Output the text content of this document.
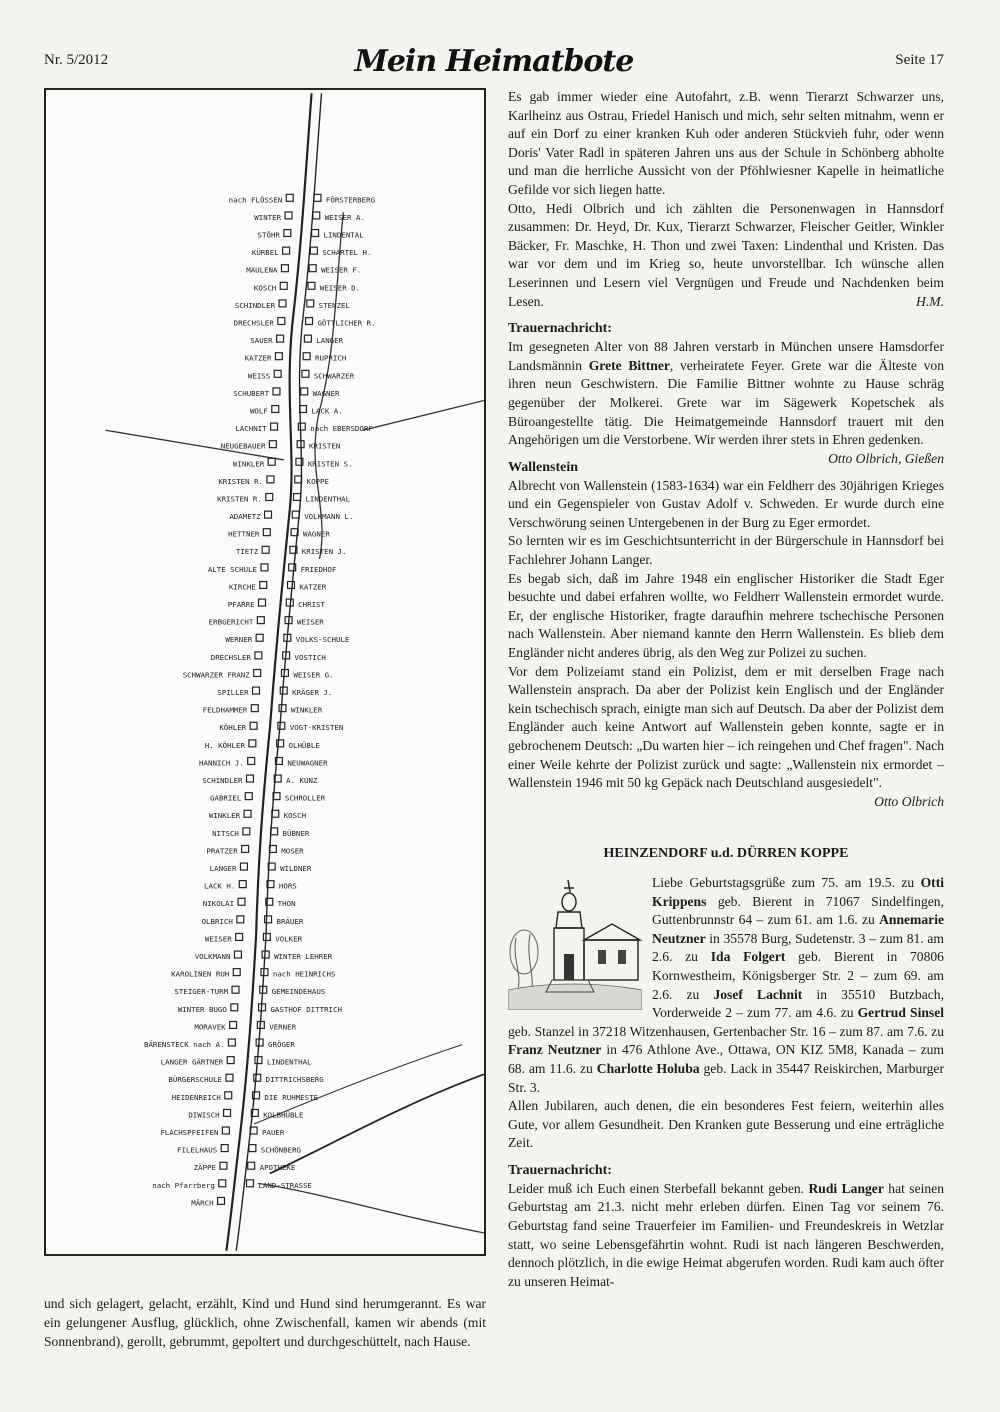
Nr. 5/2012	Mein Heimatbote	Seite 17
nach FLÖSSEN	FÖRSTERBERG
WINTER	WEISER A.
STÖHR	LINDENTAL
KÜRBEL	SCHARTEL H.
MAULENA	WEISER F.
KOSCH	WEISER D.
SCHINDLER	STENZEL
DRECHSLER	GÖTTLICHER R.
SAUER	LANGER
KATZER	RUPRICH
WEISS	SCHWARZER
SCHUBERT	WAGNER
WOLF	LACK A.
LACHNIT	nach EBERSDORF
NEUGEBAUER	KRISTEN
WINKLER	KRISTEN S.
KRISTEN R.	KOPPE
KRISTEN R.	LINDENTHAL
ADAMETZ	VOLKMANN L.
HETTNER	WAGNER
TIETZ	KRISTEN J.
ALTE SCHULE	FRIEDHOF
KIRCHE	KATZER
PFARRE	CHRIST
ERBGERICHT	WEISER
WERNER	VOLKS-SCHULE
DRECHSLER	VOSTICH
SCHWARZER FRANZ	WEISER G.
SPILLER	KRÄGER J.
FELDHAMMER	WINKLER
KÖHLER	VOGT-KRISTEN
H. KÖHLER	OLHÜBLE
HANNICH J.	NEUWAGNER
SCHINDLER	A. KUNZ
GABRIEL	SCHROLLER
WINKLER	KOSCH
NITSCH	BÜBNER
PRATZER	MOSER
LANGER	WILDNER
LACK H.	HORS
NIKOLAI	THON
OLBRICH	BRÄUER
WEISER	VOLKER
VOLKMANN	WINTER LEHRER
KAROLINEN RUH	nach HEINRICHS
STEIGER-TURM	GEMEINDEHAUS
WINTER BUGO	GASTHOF DITTRICH
MORAVEK	VERNER
BÄRENSTECK nach A.	GRÖGER
LANGER GÄRTNER	LINDENTHAL
BÜRGERSCHULE	DITTRICHSBERG
HEIDENREICH	DIE RUHMESTE
DIWISCH	KOLBHÜBLE
FLACHSPFEIFEN	PAUER
FILELHAUS	SCHÖNBERG
ZÄPPE	APOTHEKE
nach Pfarrberg	LAND-STRASSE
MÄRCH
und sich gelagert, gelacht, erzählt, Kind und Hund sind herumgerannt. Es war ein gelungener Ausflug, glücklich, ohne Zwischenfall, kamen wir abends (mit Sonnenbrand), gerollt, gebrummt, gepoltert und durchgeschüttelt, nach Hause.

Es gab immer wieder eine Autofahrt, z.B. wenn Tierarzt Schwarzer uns, Karlheinz aus Ostrau, Friedel Hanisch und mich, sehr selten mitnahm, wenn er auf ein Dorf zu einer kranken Kuh oder anderen Stückvieh fuhr, oder wenn Doris' Vater Radl in späteren Jahren uns aus der Schule in Schönberg abholte und man die herrliche Aussicht von der Pföhlwiesner Kapelle in heimatliche Gefilde vor sich liegen hatte.

Otto, Hedi Olbrich und ich zählten die Personenwagen in Hannsdorf zusammen: Dr. Heyd, Dr. Kux, Tierarzt Schwarzer, Fleischer Geitler, Winkler Bäcker, Fr. Maschke, H. Thon und zwei Taxen: Lindenthal und Kristen. Das war vor dem und im Krieg so, heute unvorstellbar. Ich wünsche allen Leserinnen und Lesern viel Vergnügen und Freude und Nachdenken beim Lesen.	H.M.

Trauernachricht:

Im gesegneten Alter von 88 Jahren verstarb in München unsere Hamsdorfer Landsmännin Grete Bittner, verheiratete Feyer. Grete war die Älteste von ihren neun Geschwistern. Die Familie Bittner wohnte zu Hause schräg gegenüber der Molkerei. Grete war im Sägewerk Kopetschek als Büroangestellte tätig. Die Heimatgemeinde Hannsdorf trauert mit den Angehörigen um die Verstorbene. Wir werden ihrer stets in Ehren gedenken.
Otto Olbrich, Gießen

Wallenstein

Albrecht von Wallenstein (1583-1634) war ein Feldherr des 30jährigen Krieges und ein Gegenspieler von Gustav Adolf v. Schweden. Er wurde durch eine Verschwörung seinen Untergebenen in der Burg zu Eger ermordet.

So lernten wir es im Geschichtsunterricht in der Bürgerschule in Hannsdorf bei Fachlehrer Johann Langer.

Es begab sich, daß im Jahre 1948 ein englischer Historiker die Stadt Eger besuchte und dabei erfahren wollte, wo Feldherr Wallenstein ermordet wurde. Er, der englische Historiker, fragte daraufhin mehrere tschechische Personen nach Wallenstein. Aber niemand kannte den Herrn Wallenstein. Es blieb dem Engländer nicht anderes übrig, als den Weg zur Polizei zu suchen.

Vor dem Polizeiamt stand ein Polizist, dem er mit derselben Frage nach Wallenstein ansprach. Da aber der Polizist kein Englisch und der Engländer kein tschechisch sprach, einigte man sich auf Deutsch. Da aber der Polizist dem Engländer auch keine Antwort auf Wallenstein geben konnte, sagte er in gebrochenem Deutsch: „Du warten hier – ich reingehen und Chef fragen". Nach einer Weile kehrte der Polizist zurück und sagte: „Wallenstein nix ermordet – Wallenstein 1946 mit 50 kg Gepäck nach Deutschland ausgesiedelt".

Otto Olbrich
HEINZENDORF u.d. DÜRREN KOPPE

Liebe Geburtstagsgrüße zum 75. am 19.5. zu Otti Krippens geb. Bierent in 71067 Sindelfingen, Guttenbrunnstr 64 – zum 61. am 1.6. zu Annemarie Neutzner in 35578 Burg, Sudetenstr. 3 – zum 81. am 2.6. zu Ida Folgert geb. Bierent in 70806 Kornwestheim, Königsberger Str. 2 – zum 69. am 2.6. zu Josef Lachnit in 35510 Butzbach, Vorderweide 2 – zum 77. am 4.6. zu Gertrud Sinsel geb. Stanzel in 37218 Witzenhausen, Gertenbacher Str. 16 – zum 87. am 7.6. zu Franz Neutzner in 476 Athlone Ave., Ottawa, ON KIZ 5M8, Kanada – zum 68. am 11.6. zu Charlotte Holuba geb. Lack in 35447 Reiskirchen, Marburger Str. 3.

Allen Jubilaren, auch denen, die ein besonderes Fest feiern, weiterhin alles Gute, vor allem Gesundheit. Den Kranken gute Besserung und eine erträgliche Zeit.

Trauernachricht:

Leider muß ich Euch einen Sterbefall bekannt geben. Rudi Langer hat seinen Geburtstag am 21.3. nicht mehr erleben dürfen. Einen Tag vor seinem 76. Geburtstag fand seine Trauerfeier im Familien- und Freundeskreis in Wetzlar statt, wo seine Lebensgefährtin wohnt. Rudi ist nach längeren Beschwerden, dennoch plötzlich, in die ewige Heimat abgerufen worden. Rudi kam auch öfter zu unseren Heimat-
